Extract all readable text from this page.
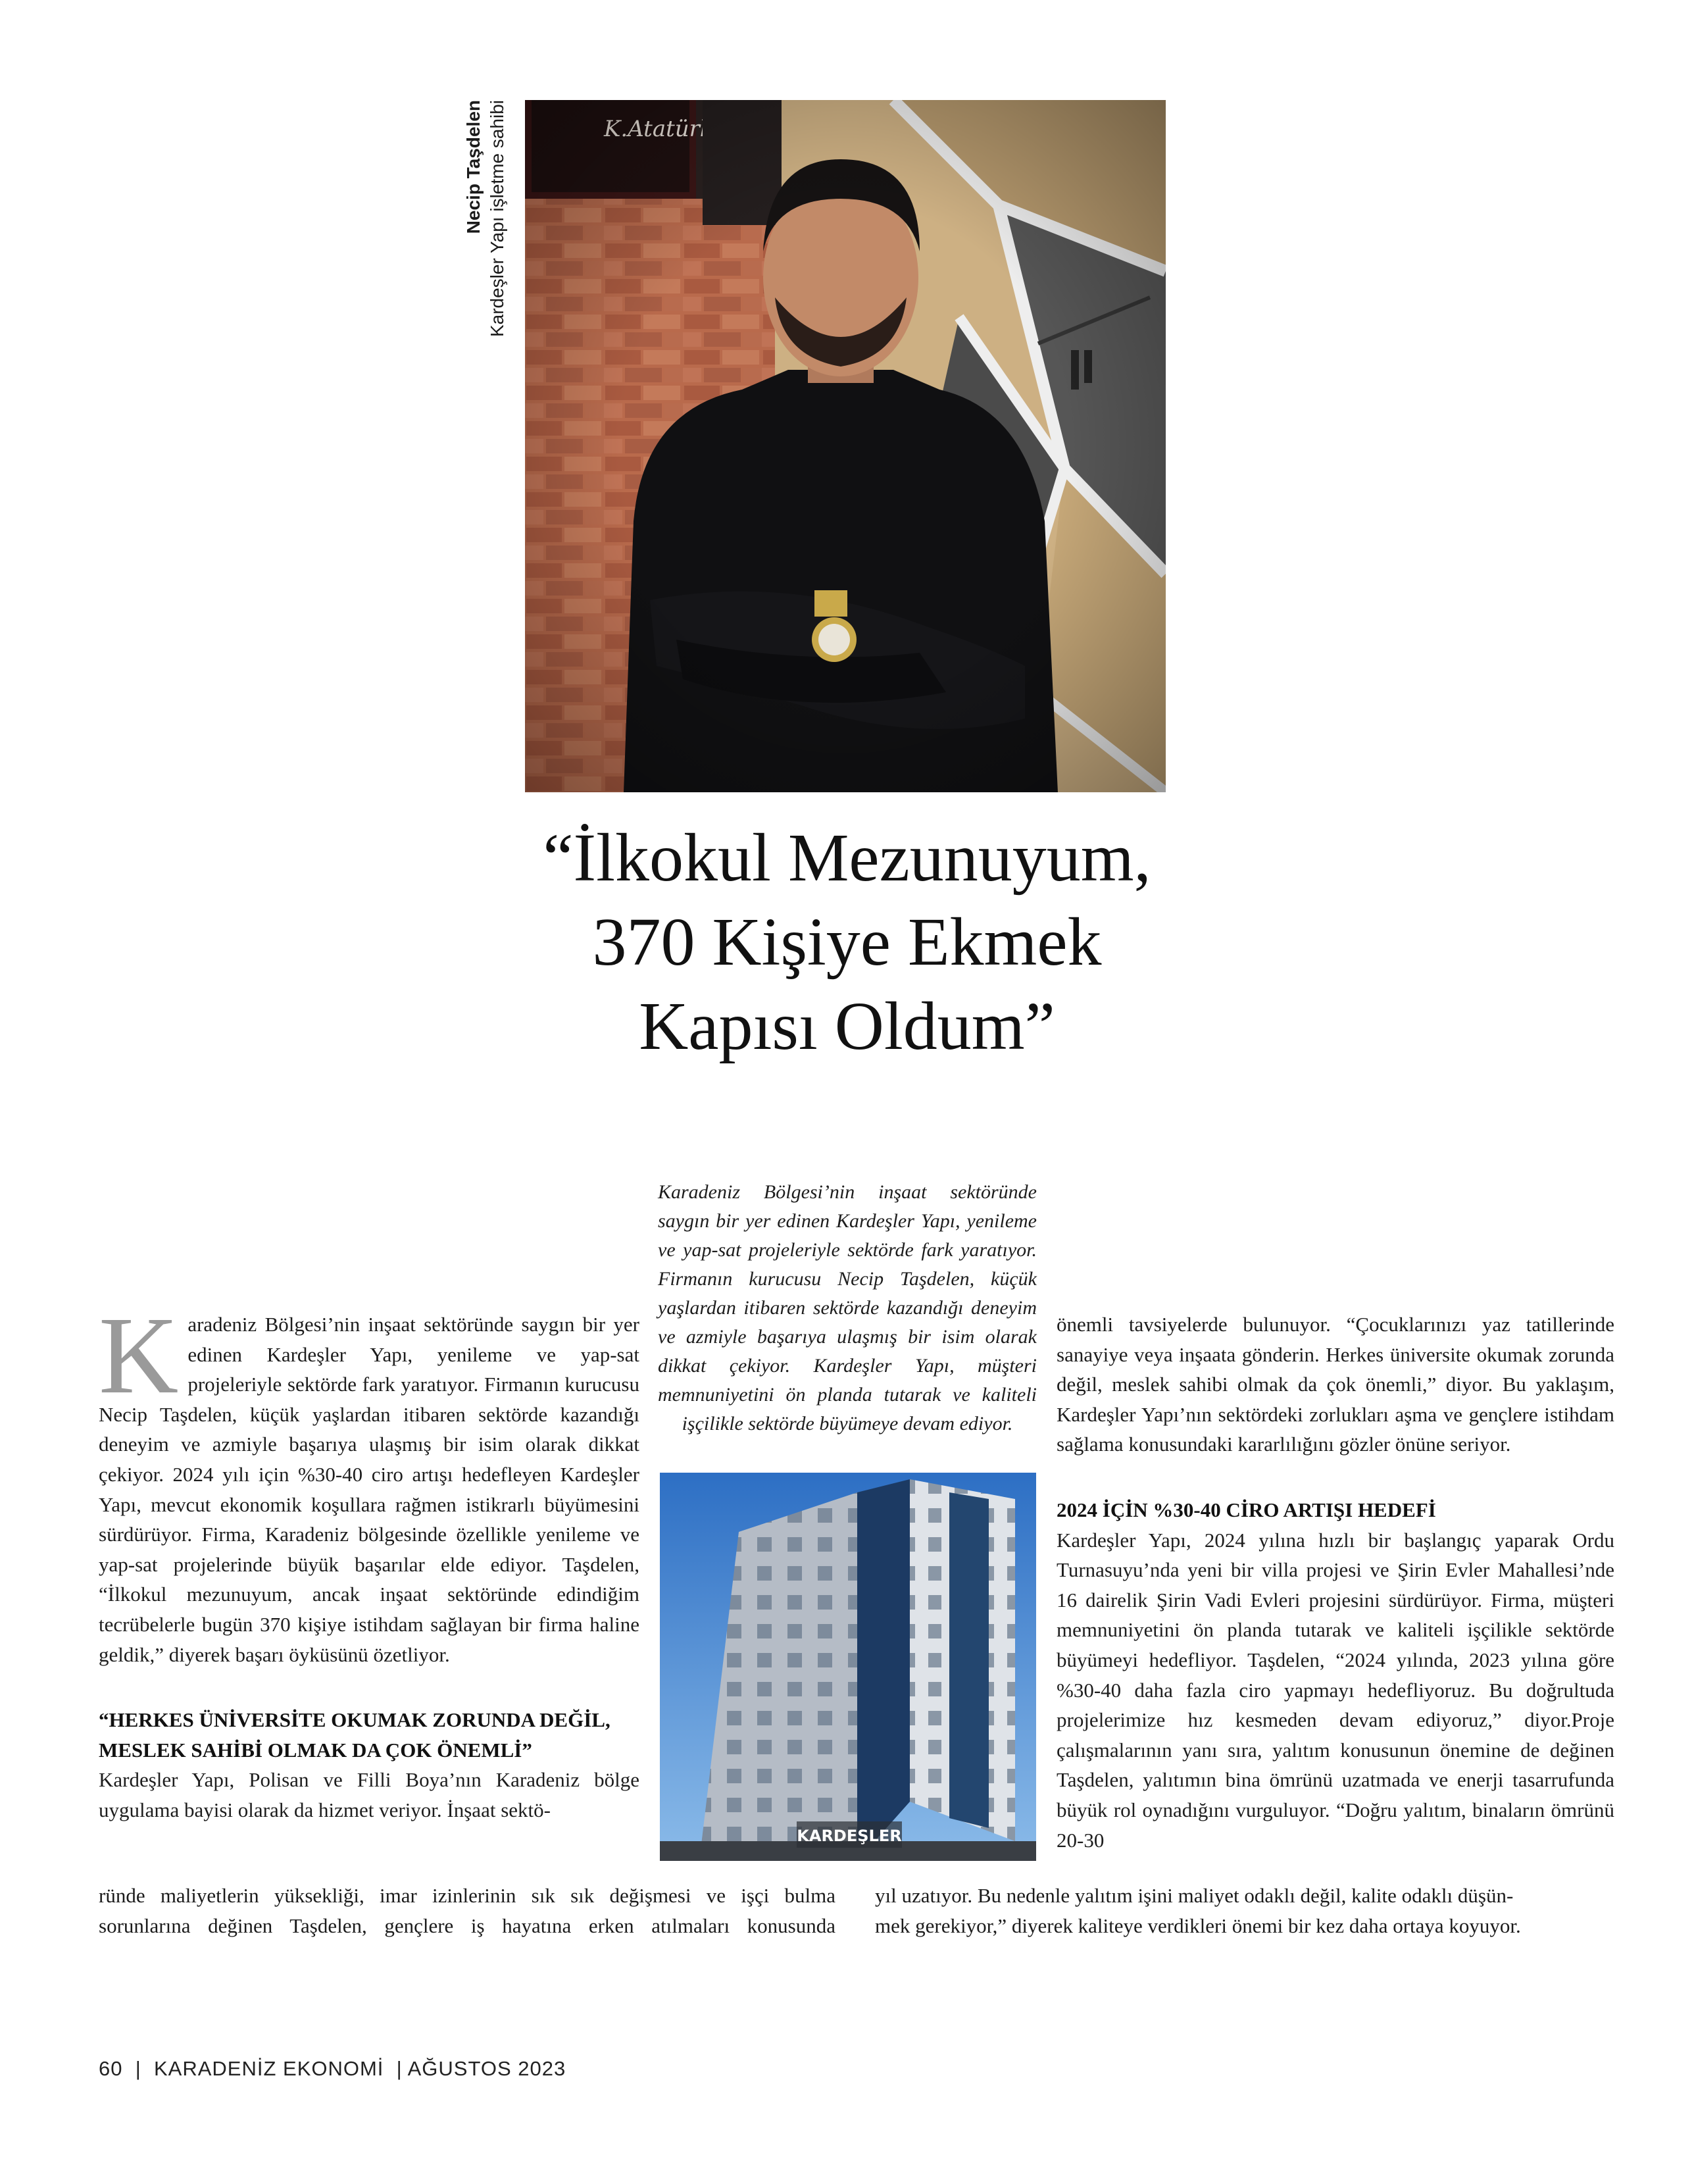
Necip Taşdelen Kardeşler Yapı işletme sahibi
“İlkokul Mezunuyum,
370 Kişiye Ekmek
Kapısı Oldum”
Karadeniz Bölgesi’nin inşaat sektöründe saygın bir yer edinen Kardeşler Yapı, yenileme ve yap-sat projeleriyle sektörde fark yaratıyor. Firmanın kurucusu Necip Taşdelen, küçük yaşlardan itibaren sektörde kazandığı deneyim ve azmiyle başarıya ulaşmış bir isim olarak dikkat çekiyor. Kardeşler Yapı, müşteri memnuniyetini ön planda tutarak ve kaliteli işçilikle sektörde büyümeye devam ediyor.
KARDEŞLER

Karadeniz Bölgesi’nin inşaat sektöründe saygın bir yer edinen Kardeşler Yapı, yenileme ve yap-sat projeleriyle sektörde fark yaratıyor. Firmanın kurucusu Necip Taşdelen, küçük yaşlardan itibaren sektörde kazandığı deneyim ve azmiyle başarıya ulaşmış bir isim olarak dikkat çekiyor. 2024 yılı için %30-40 ciro artışı hedefleyen Kardeşler Yapı, mevcut ekonomik koşullara rağmen istikrarlı büyümesini sürdürüyor. Firma, Karadeniz bölgesinde özellikle yenileme ve yap-sat projelerinde büyük başarılar elde ediyor. Taşdelen, “İlkokul mezunuyum, ancak inşaat sektöründe edindiğim tecrübelerle bugün 370 kişiye istihdam sağlayan bir firma haline geldik,” diyerek başarı öyküsünü özetliyor.

“HERKES ÜNİVERSİTE OKUMAK ZORUNDA DEĞİL, MESLEK SAHİBİ OLMAK DA ÇOK ÖNEMLİ”

Kardeşler Yapı, Polisan ve Filli Boya’nın Karadeniz bölge uygulama bayisi olarak da hizmet veriyor. İnşaat sektö-

önemli tavsiyelerde bulunuyor. “Çocuklarınızı yaz tatillerinde sanayiye veya inşaata gönderin. Herkes üniversite okumak zorunda değil, meslek sahibi olmak da çok önemli,” diyor. Bu yaklaşım, Kardeşler Yapı’nın sektördeki zorlukları aşma ve gençlere istihdam sağlama konusundaki kararlılığını gözler önüne seriyor.

2024 İÇİN %30-40 CİRO ARTIŞI HEDEFİ

Kardeşler Yapı, 2024 yılına hızlı bir başlangıç yaparak Ordu Turnasuyu’nda yeni bir villa projesi ve Şirin Evler Mahallesi’nde 16 dairelik Şirin Vadi Evleri projesini sürdürüyor. Firma, müşteri memnuniyetini ön planda tutarak ve kaliteli işçilikle sektörde büyümeyi hedefliyor. Taşdelen, “2024 yılında, 2023 yılına göre %30-40 daha fazla ciro yapmayı hedefliyoruz. Bu doğrultuda projelerimize hız kesmeden devam ediyoruz,” diyor.Proje çalışmalarının yanı sıra, yalıtım konusunun önemine de değinen Taşdelen, yalıtımın bina ömrünü uzatmada ve enerji tasarrufunda büyük rol oynadığını vurguluyor. “Doğru yalıtım, binaların ömrünü 20-30

ründe maliyetlerin yüksekliği, imar izinlerinin sık sık değişmesi ve işçi bulma
sorunlarına değinen Taşdelen, gençlere iş hayatına erken atılmaları konusunda

yıl uzatıyor. Bu nedenle yalıtım işini maliyet odaklı değil, kalite odaklı düşün-

mek gerekiyor,” diyerek kaliteye verdikleri önemi bir kez daha ortaya koyuyor.

60  |  KARADENİZ EKONOMİ  | AĞUSTOS 2023
